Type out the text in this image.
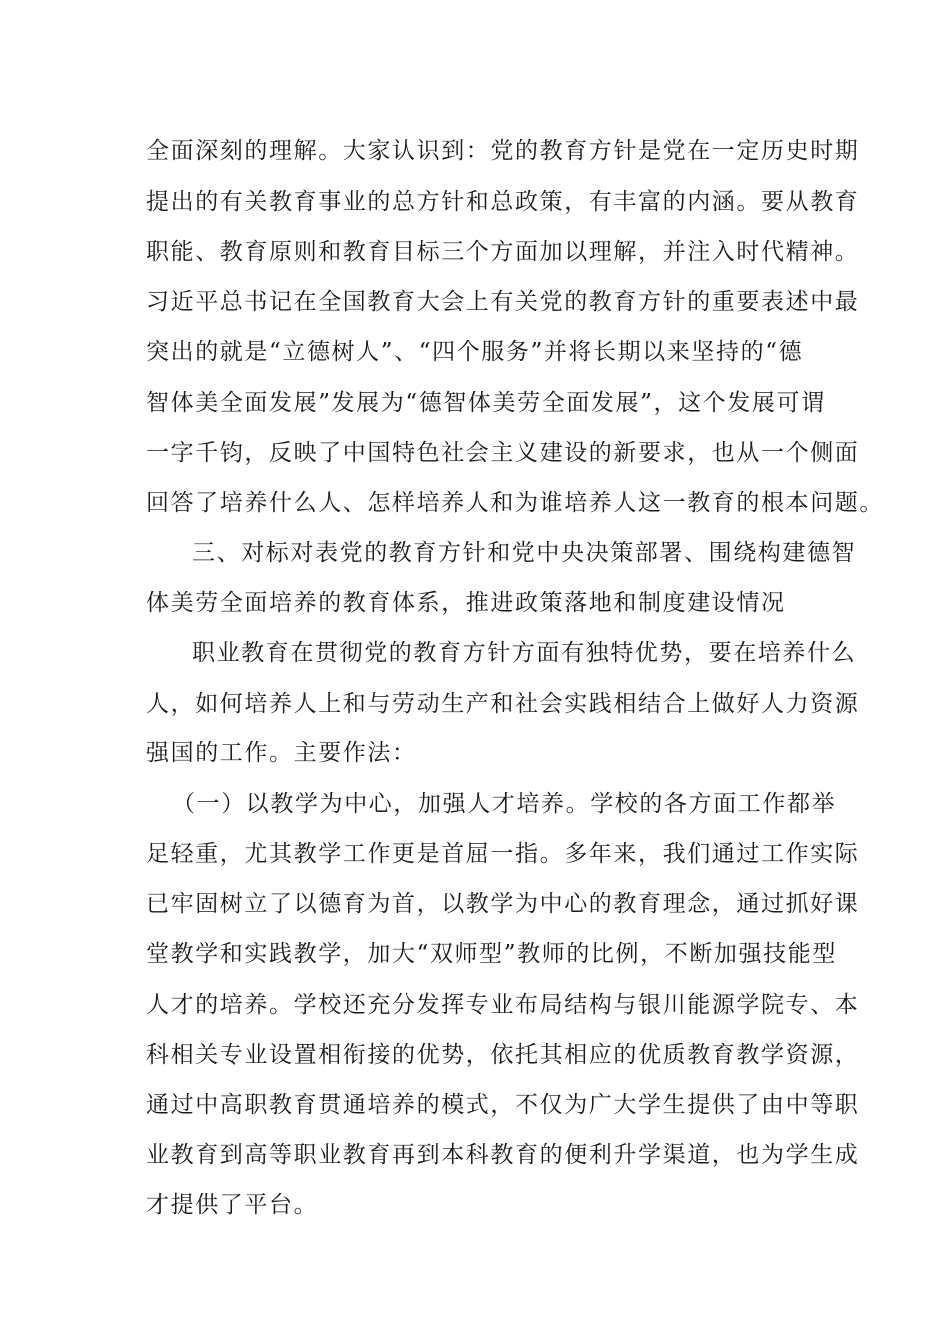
全面深刻的理解。大家认识到：党的教育方针是党在一定历史时期
提出的有关教育事业的总方针和总政策，有丰富的内涵。要从教育
职能、教育原则和教育目标三个方面加以理解，并注入时代精神。
习近平总书记在全国教育大会上有关党的教育方针的重要表述中最
突出的就是“立德树人”、“四个服务”并将长期以来坚持的“德
智体美全面发展”发展为“德智体美劳全面发展”，这个发展可谓
一字千钧，反映了中国特色社会主义建设的新要求，也从一个侧面
回答了培养什么人、怎样培养人和为谁培养人这一教育的根本问题。
三、对标对表党的教育方针和党中央决策部署、围绕构建德智
体美劳全面培养的教育体系，推进政策落地和制度建设情况
职业教育在贯彻党的教育方针方面有独特优势，要在培养什么
人，如何培养人上和与劳动生产和社会实践相结合上做好人力资源
强国的工作。主要作法：
（一）以教学为中心，加强人才培养。学校的各方面工作都举
足轻重，尤其教学工作更是首屈一指。多年来，我们通过工作实际
已牢固树立了以德育为首，以教学为中心的教育理念，通过抓好课
堂教学和实践教学，加大“双师型”教师的比例，不断加强技能型
人才的培养。学校还充分发挥专业布局结构与银川能源学院专、本
科相关专业设置相衔接的优势，依托其相应的优质教育教学资源，
通过中高职教育贯通培养的模式，不仅为广大学生提供了由中等职
业教育到高等职业教育再到本科教育的便利升学渠道，也为学生成
才提供了平台。
